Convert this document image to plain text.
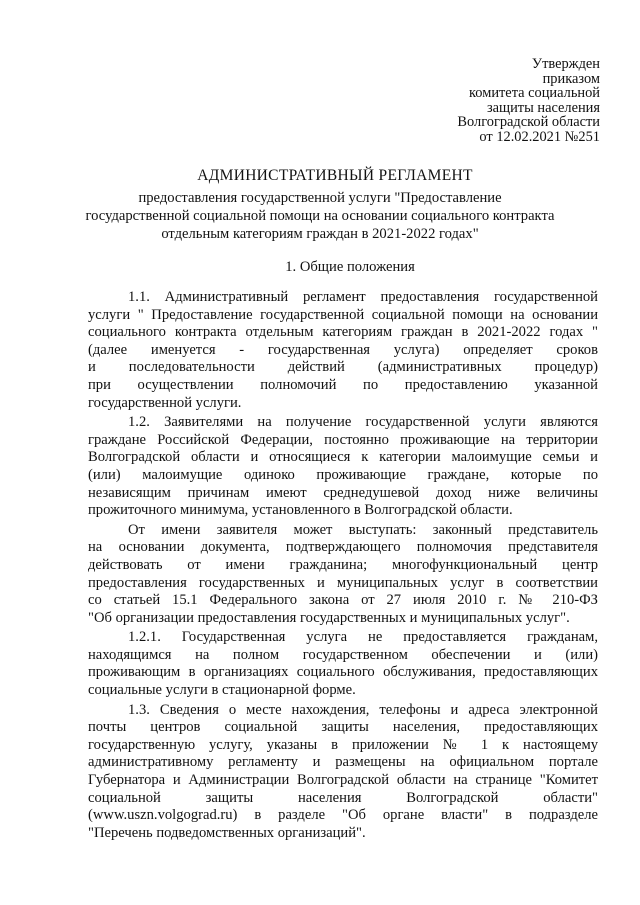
Утвержден
приказом
комитета социальной
защиты населения
Волгоградской области
от 12.02.2021 №251
АДМИНИСТРАТИВНЫЙ РЕГЛАМЕНТ
предоставления государственной услуги "Предоставление
государственной социальной помощи на основании социального контракта
отдельным категориям граждан в 2021-2022 годах"
1. Общие положения
1.1. Административный регламент предоставления государственной
услуги " Предоставление государственной социальной помощи на основании
социального контракта отдельным категориям граждан в 2021-2022 годах "
(далее именуется - государственная услуга) определяет сроков
и последовательности действий (административных процедур)
при осуществлении полномочий по предоставлению указанной
государственной услуги.
1.2. Заявителями на получение государственной услуги являются
граждане Российской Федерации, постоянно проживающие на территории
Волгоградской области и относящиеся к категории малоимущие семьи и
(или) малоимущие одиноко проживающие граждане, которые по
независящим причинам имеют среднедушевой доход ниже величины
прожиточного минимума, установленного в Волгоградской области.
От имени заявителя может выступать: законный представитель
на основании документа, подтверждающего полномочия представителя
действовать от имени гражданина; многофункциональный центр
предоставления государственных и муниципальных услуг в соответствии
со статьей 15.1 Федерального закона от 27 июля 2010 г. № 210-ФЗ
"Об организации предоставления государственных и муниципальных услуг".
1.2.1. Государственная услуга не предоставляется гражданам,
находящимся на полном государственном обеспечении и (или)
проживающим в организациях социального обслуживания, предоставляющих
социальные услуги в стационарной форме.
1.3. Сведения о месте нахождения, телефоны и адреса электронной
почты центров социальной защиты населения, предоставляющих
государственную услугу, указаны в приложении № 1 к настоящему
административному регламенту и размещены на официальном портале
Губернатора и Администрации Волгоградской области на странице "Комитет
социальной защиты населения Волгоградской области"
(www.uszn.volgograd.ru) в разделе "Об органе власти" в подразделе
"Перечень подведомственных организаций".
